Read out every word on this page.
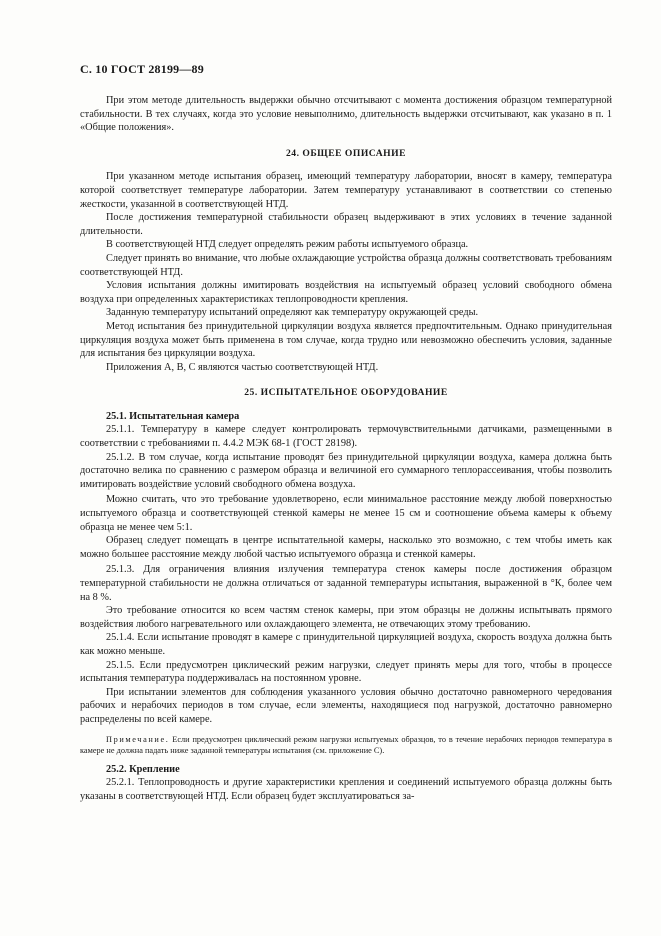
С. 10 ГОСТ 28199—89

При этом методе длительность выдержки обычно отсчитывают с момента достижения образцом температурной стабильности. В тех случаях, когда это условие невыполнимо, длительность выдержки отсчитывают, как указано в п. 1 «Общие положения».

24. ОБЩЕЕ ОПИСАНИЕ

При указанном методе испытания образец, имеющий температуру лаборатории, вносят в камеру, температура которой соответствует температуре лаборатории. Затем температуру устанавливают в соответствии со степенью жесткости, указанной в соответствующей НТД.

После достижения температурной стабильности образец выдерживают в этих условиях в течение заданной длительности.

В соответствующей НТД следует определять режим работы испытуемого образца.

Следует принять во внимание, что любые охлаждающие устройства образца должны соответствовать требованиям соответствующей НТД.

Условия испытания должны имитировать воздействия на испытуемый образец условий свободного обмена воздуха при определенных характеристиках теплопроводности крепления.

Заданную температуру испытаний определяют как температуру окружающей среды.

Метод испытания без принудительной циркуляции воздуха является предпочтительным. Однако принудительная циркуляция воздуха может быть применена в том случае, когда трудно или невозможно обеспечить условия, заданные для испытания без циркуляции воздуха.

Приложения А, В, С являются частью соответствующей НТД.

25. ИСПЫТАТЕЛЬНОЕ ОБОРУДОВАНИЕ

25.1. Испытательная камера

25.1.1. Температуру в камере следует контролировать термочувствительными датчиками, размещенными в соответствии с требованиями п. 4.4.2 МЭК 68-1 (ГОСТ 28198).

25.1.2. В том случае, когда испытание проводят без принудительной циркуляции воздуха, камера должна быть достаточно велика по сравнению с размером образца и величиной его суммарного теплорассеивания, чтобы позволить имитировать воздействие условий свободного обмена воздуха.

Можно считать, что это требование удовлетворено, если минимальное расстояние между любой поверхностью испытуемого образца и соответствующей стенкой камеры не менее 15 см и соотношение объема камеры к объему образца не менее чем 5:1.

Образец следует помещать в центре испытательной камеры, насколько это возможно, с тем чтобы иметь как можно большее расстояние между любой частью испытуемого образца и стенкой камеры.

25.1.3. Для ограничения влияния излучения температура стенок камеры после достижения образцом температурной стабильности не должна отличаться от заданной температуры испытания, выраженной в °К, более чем на 8 %.

Это требование относится ко всем частям стенок камеры, при этом образцы не должны испытывать прямого воздействия любого нагревательного или охлаждающего элемента, не отвечающих этому требованию.

25.1.4. Если испытание проводят в камере с принудительной циркуляцией воздуха, скорость воздуха должна быть как можно меньше.

25.1.5. Если предусмотрен циклический режим нагрузки, следует принять меры для того, чтобы в процессе испытания температура поддерживалась на постоянном уровне.

При испытании элементов для соблюдения указанного условия обычно достаточно равномерного чередования рабочих и нерабочих периодов в том случае, если элементы, находящиеся под нагрузкой, достаточно равномерно распределены по всей камере.

Примечание. Если предусмотрен циклический режим нагрузки испытуемых образцов, то в течение нерабочих периодов температура в камере не должна падать ниже заданной температуры испытания (см. приложение С).

25.2. Крепление

25.2.1. Теплопроводность и другие характеристики крепления и соединений испытуемого образца должны быть указаны в соответствующей НТД. Если образец будет эксплуатироваться за-
